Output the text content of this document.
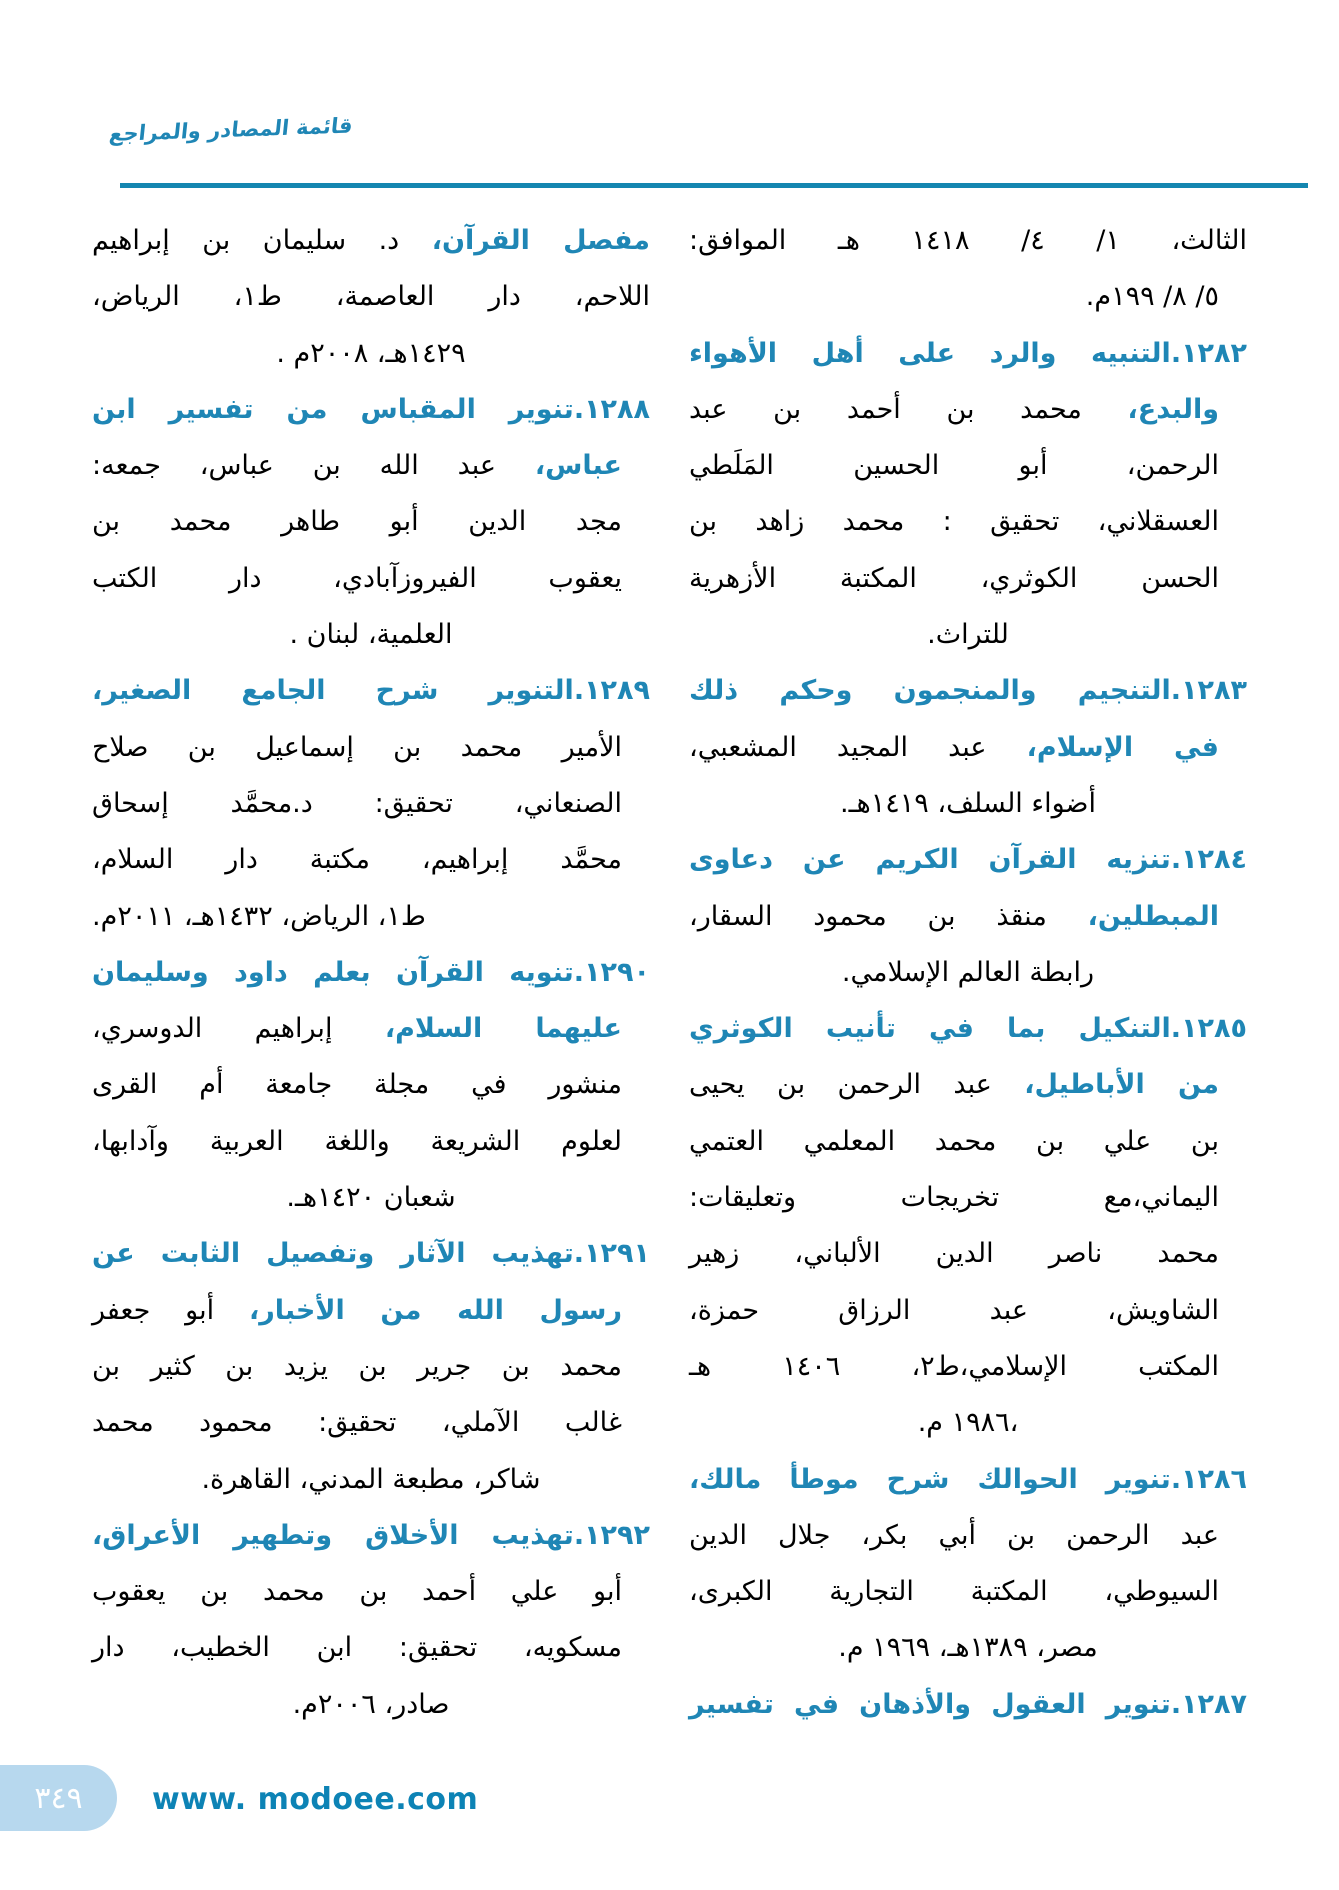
قائمة المصادر والمراجع
الثالث، ١/ ٤/ ١٤١٨ هـ الموافق:
٥/ ٨/ ١٩٩م.
١٢٨٢.التنبيه والرد على أهل الأهواء
والبدع، محمد بن أحمد بن عبد
الرحمن، أبو الحسين المَلَطي
العسقلاني، تحقيق : محمد زاهد بن
الحسن الكوثري، المكتبة الأزهرية
للتراث.
١٢٨٣.التنجيم والمنجمون وحكم ذلك
في الإسلام، عبد المجيد المشعبي،
أضواء السلف، ١٤١٩هـ.
١٢٨٤.تنزيه القرآن الكريم عن دعاوى
المبطلين، منقذ بن محمود السقار،
رابطة العالم الإسلامي.
١٢٨٥.التنكيل بما في تأنيب الكوثري
من الأباطيل، عبد الرحمن بن يحيى
بن علي بن محمد المعلمي العتمي
اليماني،مع تخريجات وتعليقات:
محمد ناصر الدين الألباني، زهير
الشاويش، عبد الرزاق حمزة،
المكتب الإسلامي،ط٢، ١٤٠٦ هـ
،١٩٨٦ م.
١٢٨٦.تنوير الحوالك شرح موطأ مالك،
عبد الرحمن بن أبي بكر، جلال الدين
السيوطي، المكتبة التجارية الكبرى،
مصر، ١٣٨٩هـ، ١٩٦٩ م.
١٢٨٧.تنوير العقول والأذهان في تفسير
مفصل القرآن، د. سليمان بن إبراهيم
اللاحم، دار العاصمة، ط١، الرياض،
١٤٢٩هـ، ٢٠٠٨م .
١٢٨٨.تنوير المقباس من تفسير ابن
عباس، عبد الله بن عباس، جمعه:
مجد الدين أبو طاهر محمد بن
يعقوب الفيروزآبادي، دار الكتب
العلمية، لبنان .
١٢٨٩.التنوير شرح الجامع الصغير،
الأمير محمد بن إسماعيل بن صلاح
الصنعاني، تحقيق: د.محمَّد إسحاق
محمَّد إبراهيم، مكتبة دار السلام،
ط١، الرياض، ١٤٣٢هـ، ٢٠١١م.
١٢٩٠.تنويه القرآن بعلم داود وسليمان
عليهما السلام، إبراهيم الدوسري،
منشور في مجلة جامعة أم القرى
لعلوم الشريعة واللغة العربية وآدابها،
شعبان ١٤٢٠هـ.
١٢٩١.تهذيب الآثار وتفصيل الثابت عن
رسول الله من الأخبار، أبو جعفر
محمد بن جرير بن يزيد بن كثير بن
غالب الآملي، تحقيق: محمود محمد
شاكر، مطبعة المدني، القاهرة.
١٢٩٢.تهذيب الأخلاق وتطهير الأعراق،
أبو علي أحمد بن محمد بن يعقوب
مسكويه، تحقيق: ابن الخطيب، دار
صادر، ٢٠٠٦م.
٣٤٩ www. modoee.com
